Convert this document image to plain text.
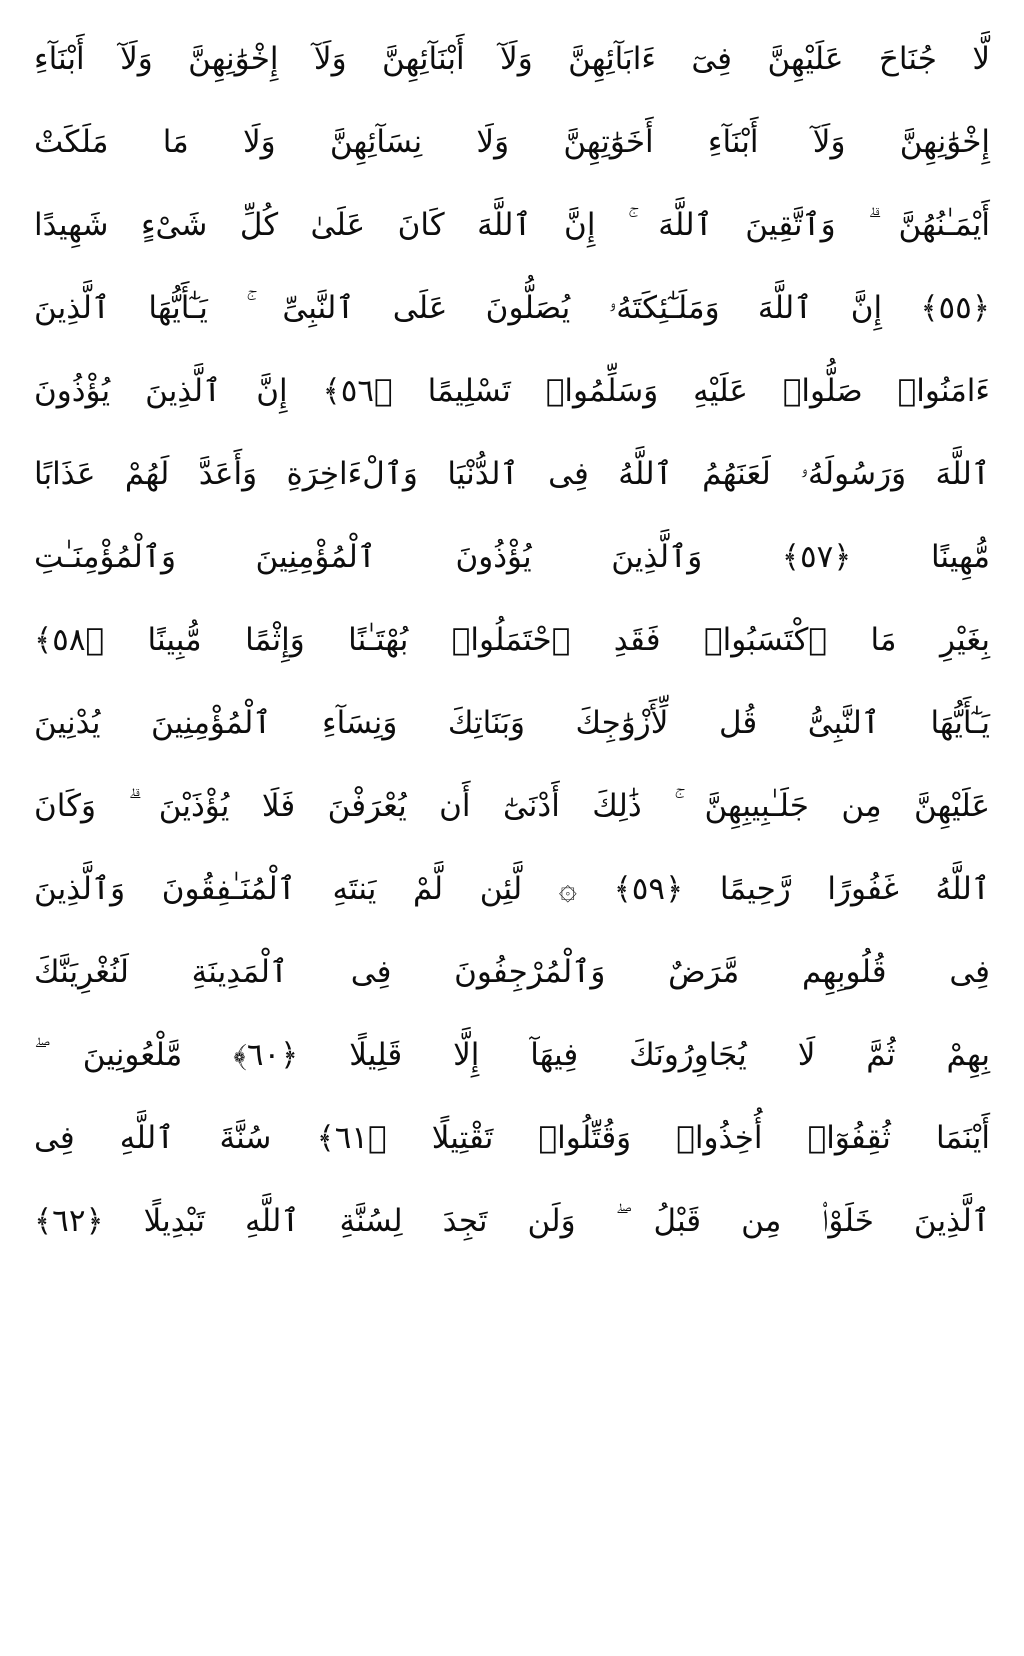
لَّا جُنَاحَ عَلَيْهِنَّ فِىٓ ءَابَآئِهِنَّ وَلَآ أَبْنَآئِهِنَّ وَلَآ إِخْوَٰنِهِنَّ وَلَآ أَبْنَآءِ
إِخْوَٰنِهِنَّ وَلَآ أَبْنَآءِ أَخَوَٰتِهِنَّ وَلَا نِسَآئِهِنَّ وَلَا مَا مَلَكَتْ
أَيْمَـٰنُهُنَّ ۗ وَٱتَّقِينَ ٱللَّهَ ۚ إِنَّ ٱللَّهَ كَانَ عَلَىٰ كُلِّ شَىْءٍ شَهِيدًا
﴿٥٥﴾ إِنَّ ٱللَّهَ وَمَلَـٰٓئِكَتَهُۥ يُصَلُّونَ عَلَى ٱلنَّبِىِّ ۚ يَـٰٓأَيُّهَا ٱلَّذِينَ
ءَامَنُوا۟ صَلُّوا۟ عَلَيْهِ وَسَلِّمُوا۟ تَسْلِيمًا ﴿٥٦﴾ إِنَّ ٱلَّذِينَ يُؤْذُونَ
ٱللَّهَ وَرَسُولَهُۥ لَعَنَهُمُ ٱللَّهُ فِى ٱلدُّنْيَا وَٱلْءَاخِرَةِ وَأَعَدَّ لَهُمْ عَذَابًا
مُّهِينًا ﴿٥٧﴾ وَٱلَّذِينَ يُؤْذُونَ ٱلْمُؤْمِنِينَ وَٱلْمُؤْمِنَـٰتِ
بِغَيْرِ مَا ٱكْتَسَبُوا۟ فَقَدِ ٱحْتَمَلُوا۟ بُهْتَـٰنًا وَإِثْمًا مُّبِينًا ﴿٥٨﴾
يَـٰٓأَيُّهَا ٱلنَّبِىُّ قُل لِّأَزْوَٰجِكَ وَبَنَاتِكَ وَنِسَآءِ ٱلْمُؤْمِنِينَ يُدْنِينَ
عَلَيْهِنَّ مِن جَلَـٰبِيبِهِنَّ ۚ ذَٰلِكَ أَدْنَىٰٓ أَن يُعْرَفْنَ فَلَا يُؤْذَيْنَ ۗ وَكَانَ
ٱللَّهُ غَفُورًا رَّحِيمًا ﴿٥٩﴾ ۞ لَّئِن لَّمْ يَنتَهِ ٱلْمُنَـٰفِقُونَ وَٱلَّذِينَ
فِى قُلُوبِهِم مَّرَضٌ وَٱلْمُرْجِفُونَ فِى ٱلْمَدِينَةِ لَنُغْرِيَنَّكَ
بِهِمْ ثُمَّ لَا يُجَاوِرُونَكَ فِيهَآ إِلَّا قَلِيلًا ﴿٦٠﴾ مَّلْعُونِينَ ۖ
أَيْنَمَا ثُقِفُوٓا۟ أُخِذُوا۟ وَقُتِّلُوا۟ تَقْتِيلًا ﴿٦١﴾ سُنَّةَ ٱللَّهِ فِى
ٱلَّذِينَ خَلَوْا۟ مِن قَبْلُ ۖ وَلَن تَجِدَ لِسُنَّةِ ٱللَّهِ تَبْدِيلًا ﴿٦٢﴾
